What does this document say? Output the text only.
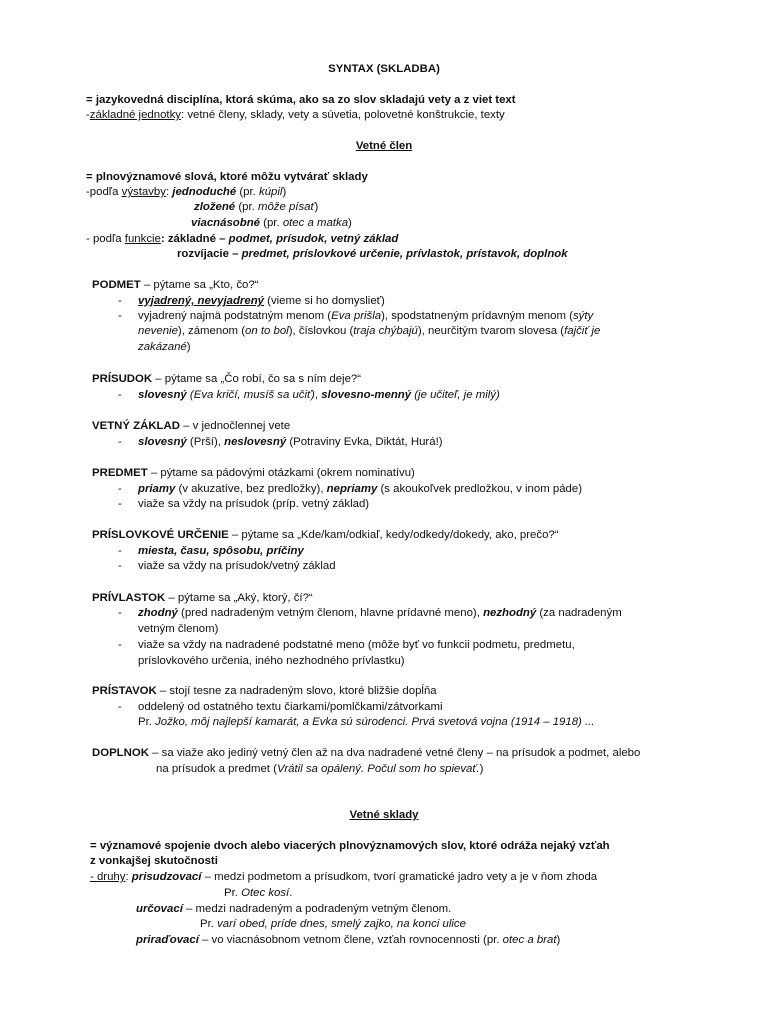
SYNTAX (SKLADBA)
= jazykovedná disciplína, ktorá skúma, ako sa zo slov skladajú vety a z viet text
-základné jednotky: vetné členy, sklady, vety a súvetia, polovetné konštrukcie, texty
Vetné člen
= plnovýznamové slová, ktoré môžu vytvárať sklady
-podľa výstavby: jednoduché (pr. kúpil)
zložené (pr. môže písať)
viacnásobné (pr. otec a matka)
- podľa funkcie: základné – podmet, prísudok, vetný základ
rozvíjacie – predmet, príslovkové určenie, prívlastok, prístavok, doplnok
PODMET – pýtame sa „Kto, čo?“
- vyjadrený, nevyjadrený (vieme si ho domyslieť)
- vyjadrený najmä podstatným menom (Eva prišla), spodstatneným prídavným menom (sýty
nevenie), zámenom (on to bol), číslovkou (traja chýbajú), neurčitým tvarom slovesa (fajčiť je
zakázané)
PRÍSUDOK – pýtame sa „Čo robí, čo sa s ním deje?“
- slovesný (Eva kričí, musíš sa učiť), slovesno-menný (je učiteľ, je milý)
VETNÝ ZÁKLAD – v jednočlennej vete
- slovesný (Prší), neslovesný (Potraviny Evka, Diktát, Hurá!)
PREDMET – pýtame sa pádovými otázkami (okrem nominatívu)
- priamy (v akuzatíve, bez predložky), nepriamy (s akoukoľvek predložkou, v inom páde)
- viaže sa vždy na prísudok (príp. vetný základ)
PRÍSLOVKOVÉ URČENIE – pýtame sa „Kde/kam/odkiaľ, kedy/odkedy/dokedy, ako, prečo?“
- miesta, času, spôsobu, príčiny
- viaže sa vždy na prísudok/vetný základ
PRÍVLASTOK – pýtame sa „Aký, ktorý, čí?“
- zhodný (pred nadradeným vetným členom, hlavne prídavné meno), nezhodný (za nadradeným
vetným členom)
- viaže sa vždy na nadradené podstatné meno (môže byť vo funkcii podmetu, predmetu,
príslovkového určenia, iného nezhodného prívlastku)
PRÍSTAVOK – stojí tesne za nadradeným slovo, ktoré bližšie dopĺňa
- oddelený od ostatného textu čiarkami/pomlčkami/zátvorkami
Pr. Jožko, môj najlepší kamarát, a Evka sú súrodenci. Prvá svetová vojna (1914 – 1918) ...
DOPLNOK – sa viaže ako jediný vetný člen až na dva nadradené vetné členy – na prísudok a podmet, alebo
na prísudok a predmet (Vrátil sa opálený. Počul som ho spievať.)
Vetné sklady
= významové spojenie dvoch alebo viacerých plnovýznamových slov, ktoré odráža nejaký vzťah
z vonkajšej skutočnosti
- druhy: prisudzovací – medzi podmetom a prísudkom, tvorí gramatické jadro vety a je v ňom zhoda
Pr. Otec kosí.
určovací – medzi nadradeným a podradeným vetným členom.
Pr. varí obed, príde dnes, smelý zajko, na konci ulice
priraďovací – vo viacnásobnom vetnom člene, vzťah rovnocennosti (pr. otec a brat)
